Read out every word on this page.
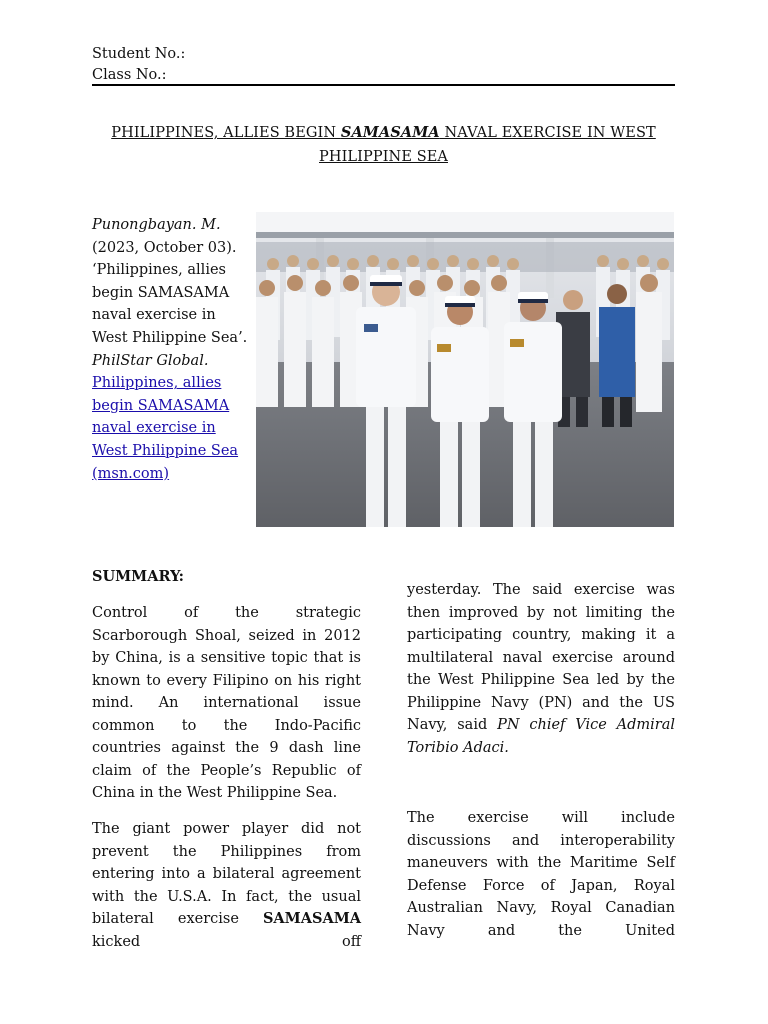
Student No.:
Class No.:
PHILIPPINES, ALLIES BEGIN SAMASAMA NAVAL EXERCISE IN WEST
PHILIPPINE SEA
Punongbayan. M.
(2023, October 03).
‘Philippines, allies begin SAMASAMA naval exercise in West Philippine Sea’.
PhilStar Global.
Philippines, allies begin SAMASAMA naval exercise in West Philippine Sea (msn.com)
SUMMARY:

Control of the strategic Scarborough Shoal, seized in 2012 by China, is a sensitive topic that is known to every Filipino on his right mind. An international issue common to the Indo-Pacific countries against the 9 dash line claim of the People’s Republic of China in the West Philippine Sea.

The giant power player did not prevent the Philippines from entering into a bilateral agreement with the U.S.A. In fact, the usual bilateral exercise SAMASAMA kicked off

yesterday. The said exercise was then improved by not limiting the participating country, making it a multilateral naval exercise around the West Philippine Sea led by the Philippine Navy (PN) and the US Navy, said PN chief Vice Admiral Toribio Adaci.

The exercise will include discussions and interoperability maneuvers with the Maritime Self Defense Force of Japan, Royal Australian Navy, Royal Canadian Navy and the United
